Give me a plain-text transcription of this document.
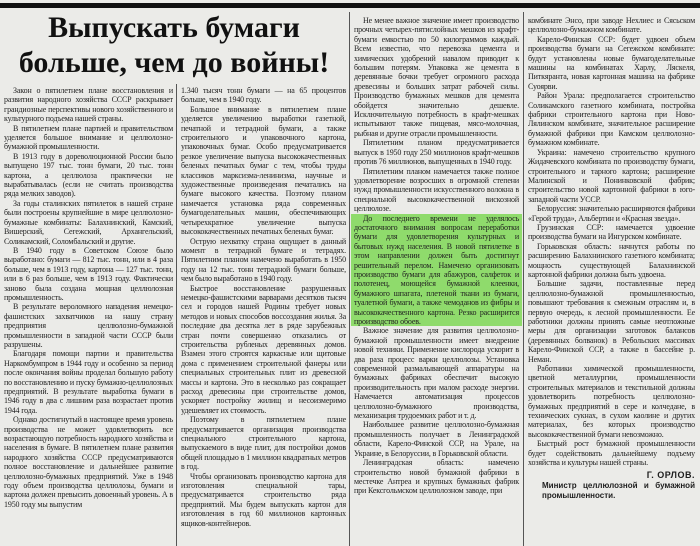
Выпускать бумаги
больше, чем до войны!

Закон о пятилетнем плане восстановления и развития народного хозяйства СССР раскрывает грандиозные перспективы нового хозяйственного и культурного подъема нашей страны.

В пятилетнем плане партией и правительством уделяется большое внимание и целлюлозно-бумажной промышленности.

В 1913 году в дореволюционной России было выпущено 197 тыс. тонн бумаги, 20 тыс. тонн картона, а целлюлоза практически не вырабатывалась (если не считать производства ряда мелких заводов).

За годы сталинских пятилеток в нашей стране были построены крупнейшие в мире целлюлозно-бумажные комбинаты: Балахнинский, Камский, Вишерский, Сегежский, Архангельский, Соликамский, Соломбальский и другие.

В 1940 году в Советском Союзе было выработано: бумаги — 812 тыс. тонн, или в 4 раза больше, чем в 1913 году, картона — 127 тыс. тонн, или в 6 раз больше, чем в 1913 году. Фактически заново была создана мощная целлюлозная промышленность.

В результате вероломного нападения немецко-фашистских захватчиков на нашу страну предприятия целлюлозно-бумажной промышленности в западной части СССР были разрушены.

Благодаря помощи партии и правительства Наркомбумпром в 1944 году и особенно за период после окончания войны проделал большую работу по восстановлению и пуску бумажно-целлюлозных предприятий. В результате выработка бумаги в 1946 году в два с лишним раза возрастает против 1944 года.

Однако достигнутый в настоящее время уровень производства не может удовлетворить все возрастающую потребность народного хозяйства и населения в бумаге. В пятилетнем плане развития народного хозяйства СССР предусматриваются полное восстановление и дальнейшее развитие целлюлозно-бумажных предприятий. Уже в 1948 году объем производства целлюлозы, бумаги и картона должен превысить довоенный уровень. А в 1950 году мы выпустим

1.340 тысяч тонн бумаги — на 65 процентов больше, чем в 1940 году.

Большое внимание в пятилетнем плане уделяется увеличению выработки газетной, печатной и тетрадной бумаги, а также строительного и упаковочного картона, упаковочных бумаг. Особо предусматривается резкое увеличение выпуска высококачественных беленых печатных бумаг с тем, чтобы труды классиков марксизма-ленинизма, научные и художественные произведения печатались на бумаге высокого качества. Поэтому планом намечается установка ряда современных бумагоделательных машин, обеспечивающих четырехкратное увеличение выпуска высококачественных печатных беленых бумаг.

Острую нехватку страна ощущает в данный момент в тетрадной бумаге и тетрадях. Пятилетним планом намечено выработать в 1950 году на 12 тыс. тонн тетрадной бумаги больше, чем было выработано в 1940 году.

Быстрое восстановление разрушенных немецко-фашистскими варварами десятков тысяч сел и городов нашей Родины требует новых методов и новых способов воссоздания жилья. За последние два десятка лет в ряде зарубежных стран почти совершенно отказались от строительства рубленых деревянных домов. Взамен этого строятся каркасные или щитовые дома с применением строительной фанеры или специальных строительных плит из древесной массы и картона. Это в несколько раз сокращает расход древесины при строительстве домов, ускоряет постройку жилищ и несоизмеримо удешевляет их стоимость.

Поэтому в пятилетнем плане предусматривается организация производства специального строительного картона, выпускаемого в виде плит, для постройки домов общей площадью в 1 миллион квадратных метров в год.

Чтобы организовать производство картона для изготовления специальной тары, предусматривается строительство ряда предприятий. Мы будем выпускать картон для изготовления в год 60 миллионов картонных ящиков-контейнеров.

Не менее важное значение имеет производство прочных четырех-пятислойных мешков из крафт-бумаги емкостью по 50 килограммов каждый. Всем известно, что перевозка цемента и химических удобрений навалом приводит к большим потерям. Упаковка же цемента в деревянные бочки требует огромного расхода древесины и больших затрат рабочей силы. Производство бумажных мешков для цемента обойдется значительно дешевле. Исключительную потребность в крафт-мешках испытывают также пищевая, мясо-молочная, рыбная и другие отрасли промышленности.

Пятилетним планом предусматривается выпуск в 1950 году 250 миллионов крафт-мешков против 76 миллионов, выпущенных в 1940 году.

Пятилетним планом намечается также полное удовлетворение возросших в огромной степени нужд промышленности искусственного волокна в специальной высококачественной вискозной целлюлозе.

До последнего времени не уделялось достаточного внимания вопросам переработки бумаги для удовлетворения культурных и бытовых нужд населения. В новой пятилетке в этом направлении должен быть достигнут решительный перелом. Намечено организовать производство бумаги для абажуров, салфеток и полотенец, моющейся бумажной клеенки, бумажного шпагата, плетеной ткани из бумаги, туалетной бумаги, а также чемоданов из фибры и высококачественного картона. Резко расширится производство обоев.

Важное значение для развития целлюлозно-бумажной промышленности имеет внедрение новой техники. Применение кислорода ускорит в два раза процесс варки целлюлозы. Установка современной размалывающей аппаратуры на бумажных фабриках обеспечит высокую производительность при малом расходе энергии. Намечается автоматизация процессов целлюлозно-бумажного производства, механизация трудоемких работ и т. д.

Наибольшее развитие целлюлозно-бумажная промышленность получает в Ленинградской области, Карело-Финской ССР, на Урале, на Украине, в Белоруссии, в Горьковской области.

Ленинградская область: намечено строительство новой бумажной фабрики в местечке Антреа и крупных бумажных фабрик при Кексгольмском целлюлозном заводе, при

комбинате Энсо, при заводе Нехлиес и Сясьском целлюлозно-бумажном комбинате.

Карело-Финская ССР: будет удвоен объем производства бумаги на Сегежском комбинате: будут установлены новые бумагоделательные машины на комбинатах Харлу, Ляскеля, Питкяранта, новая картонная машина на фабрике Суоярви.

Район Урала: предполагается строительство Соликамского газетного комбината, постройка фабрики строительного картона при Ново-Лялинском комбинате, значительное расширение бумажной фабрики при Камском целлюлозно-бумажном комбинате.

Украина: намечено строительство крупного Жидачевского комбината по производству бумаги, строительного и тарного картона; расширение Малинской и Понинковской фабрик; строительство новой картонной фабрики в юго-западной части УССР.

Белоруссия: значительно расширяются фабрики «Герой труда», Альбертин и «Красная звезда».

Грузинская ССР: намечается удвоение производства бумаги на Ингурском комбинате.

Горьковская область: начнутся работы по расширению Балахнинского газетного комбината; мощность существующей Балахнинской картонной фабрики должна быть удвоена.

Большие задачи, поставленные перед целлюлозно-бумажной промышленностью, повышают требования к смежным отраслям и, в первую очередь, к лесной промышленности. Ее работники должны принять самые неотложные меры для организации заготовок балансов (деревянных болванок) в Ребольских массивах Карело-Финской ССР, а также в бассейне р. Неман.

Работники химической промышленности, цветной металлургии, промышленности строительных материалов и текстильной должны удовлетворить потребность целлюлозно-бумажных предприятий в сере и колчедане, в технических сукнах, в сухом каолине и других материалах, без которых производство высококачественной бумаги невозможно.

Быстрый рост бумажной промышленности будет содействовать дальнейшему подъему хозяйства и культуры нашей страны.

Г. ОРЛОВ.
Министр целлюлозной и бумажной промышленности.
